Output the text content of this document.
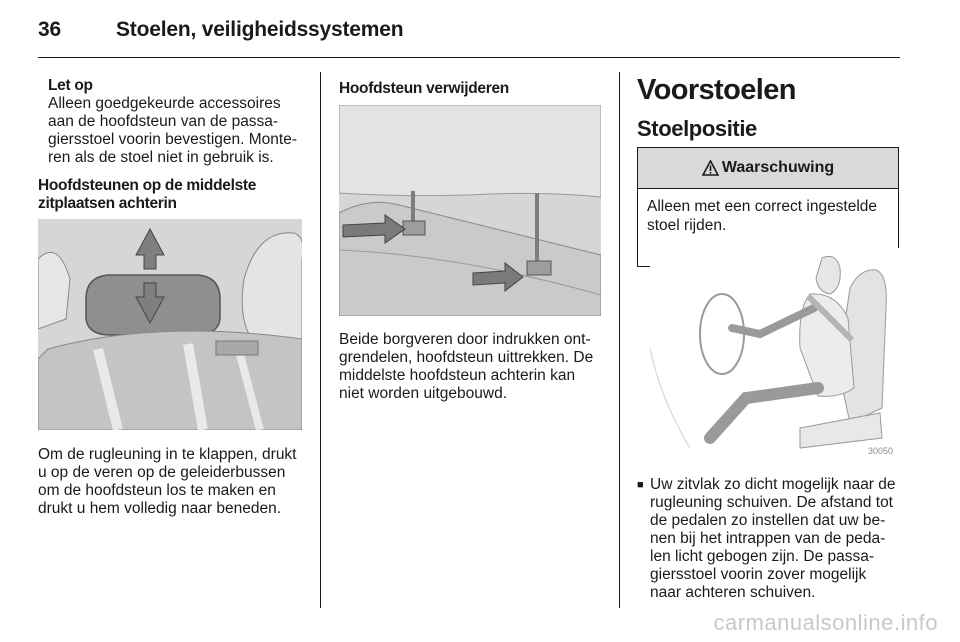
36	Stoelen, veiligheidssystemen

Let op

Alleen goedgekeurde accessoires

aan de hoofdsteun van de passa-

giersstoel voorin bevestigen. Monte-

ren als de stoel niet in gebruik is.

Hoofdsteunen op de middelste

zitplaatsen achterin

Om de rugleuning in te klappen, drukt

u op de veren op de geleiderbussen

om de hoofdsteun los te maken en

drukt u hem volledig naar beneden.

Hoofdsteun verwijderen

Beide borgveren door indrukken ont-

grendelen, hoofdsteun uittrekken. De

middelste hoofdsteun achterin kan

niet worden uitgebouwd.

Voorstoelen
Stoelpositie
Waarschuwing

Alleen met een correct ingestelde

stoel rijden.

30050
■ Uw zitvlak zo dicht mogelijk naar de

rugleuning schuiven. De afstand tot

de pedalen zo instellen dat uw be-

nen bij het intrappen van de peda-

len licht gebogen zijn. De passa-

giersstoel voorin zover mogelijk

naar achteren schuiven.

carmanualsonline.info
